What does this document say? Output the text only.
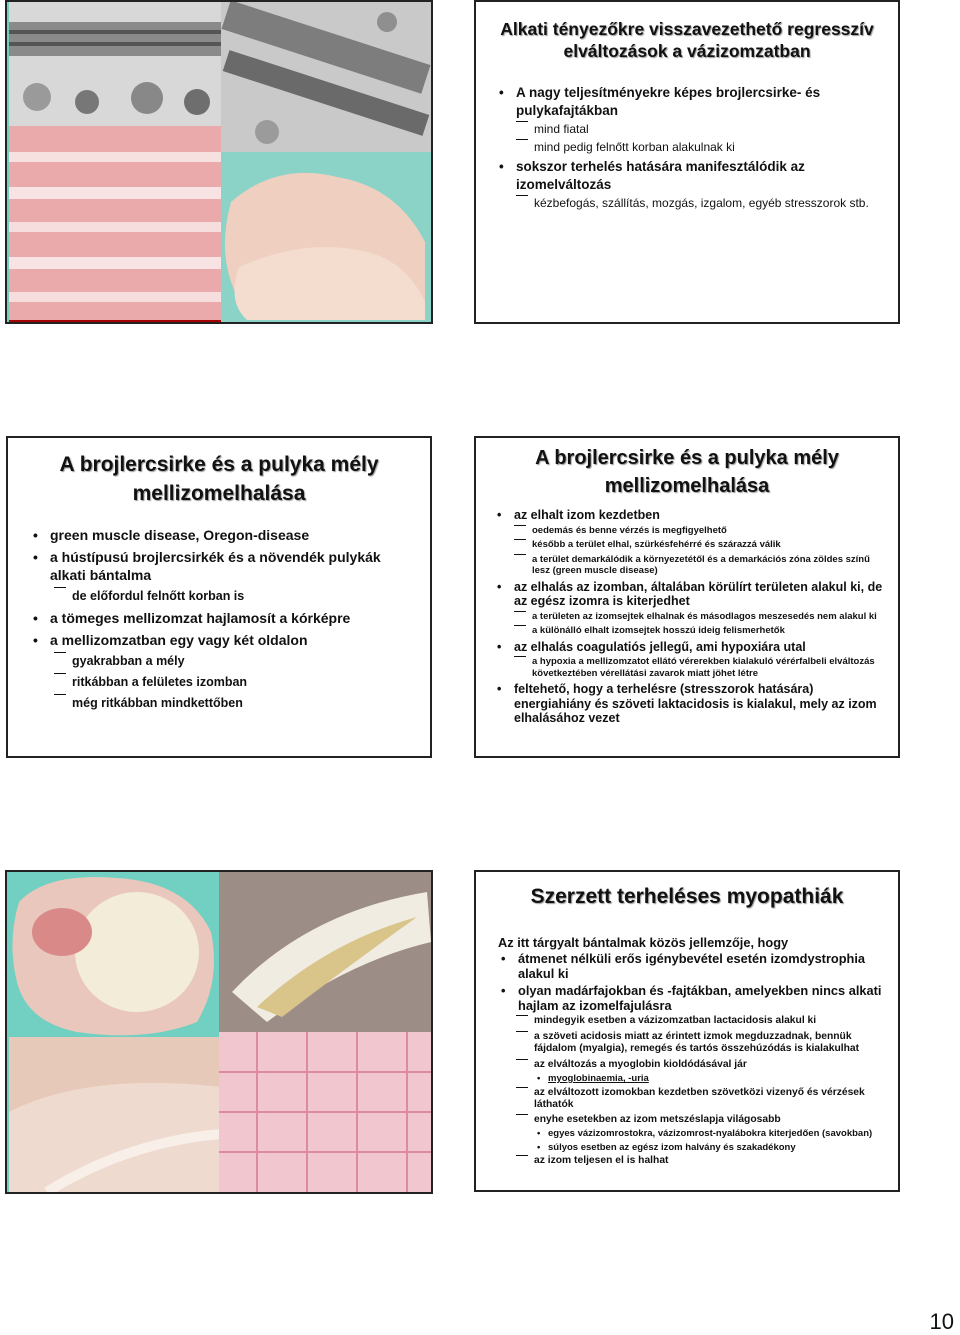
Alkati tényezőkre visszavezethető regresszív elváltozások a vázizomzatban
• A nagy teljesítményekre képes brojlercsirke- és pulykafajtákban
mind fiatal
mind pedig felnőtt korban alakulnak ki
• sokszor terhelés hatására manifesztálódik az izomelváltozás
kézbefogás, szállítás, mozgás, izgalom, egyéb stresszorok stb.
A brojlercsirke és a pulyka mély mellizomelhalása
• green muscle disease, Oregon-disease
• a hústípusú brojlercsirkék és a növendék pulykák alkati bántalma
de előfordul felnőtt korban is
• a tömeges mellizomzat hajlamosít a kórképre
• a mellizomzatban egy vagy két oldalon
gyakrabban a mély
ritkábban a felületes izomban
még ritkábban mindkettőben
A brojlercsirke és a pulyka mély mellizomelhalása
• az elhalt izom kezdetben
oedemás és benne vérzés is megfigyelhető
később a terület elhal, szürkésfehérré és szárazzá válik
a terület demarkálódik a környezetétől és a demarkációs zóna zöldes színű lesz (green muscle disease)
• az elhalás az izomban, általában körülírt területen alakul ki, de az egész izomra is kiterjedhet
a területen az izomsejtek elhalnak és másodlagos meszesedés nem alakul ki
a különálló elhalt izomsejtek hosszú ideig felismerhetők
• az elhalás coagulatiós jellegű, ami hypoxiára utal
a hypoxia a mellizomzatot ellátó vérerekben kialakuló vérérfalbeli elváltozás következtében vérellátási zavarok miatt jöhet létre
• feltehető, hogy a terhelésre (stresszorok hatására) energiahiány és szöveti laktacidosis is kialakul, mely az izom elhalásához vezet
Szerzett terheléses myopathiák
Az itt tárgyalt bántalmak közös jellemzője, hogy
• átmenet nélküli erős igénybevétel esetén izomdystrophia alakul ki
• olyan madárfajokban és -fajtákban, amelyekben nincs alkati hajlam az izomelfajulásra
mindegyik esetben a vázizomzatban lactacidosis alakul ki
a szöveti acidosis miatt az érintett izmok megduzzadnak, bennük fájdalom (myalgia), remegés és tartós összehúzódás is kialakulhat
az elváltozás a myoglobin kioldódásával jár
• myoglobinaemia, -uria
az elváltozott izomokban kezdetben szövetközi vizenyő és vérzések láthatók
enyhe esetekben az izom metszéslapja világosabb
• egyes vázizomrostokra, vázizomrost-nyalábokra kiterjedően (savokban)
• súlyos esetben az egész izom halvány és szakadékony
az izom teljesen el is halhat
10
